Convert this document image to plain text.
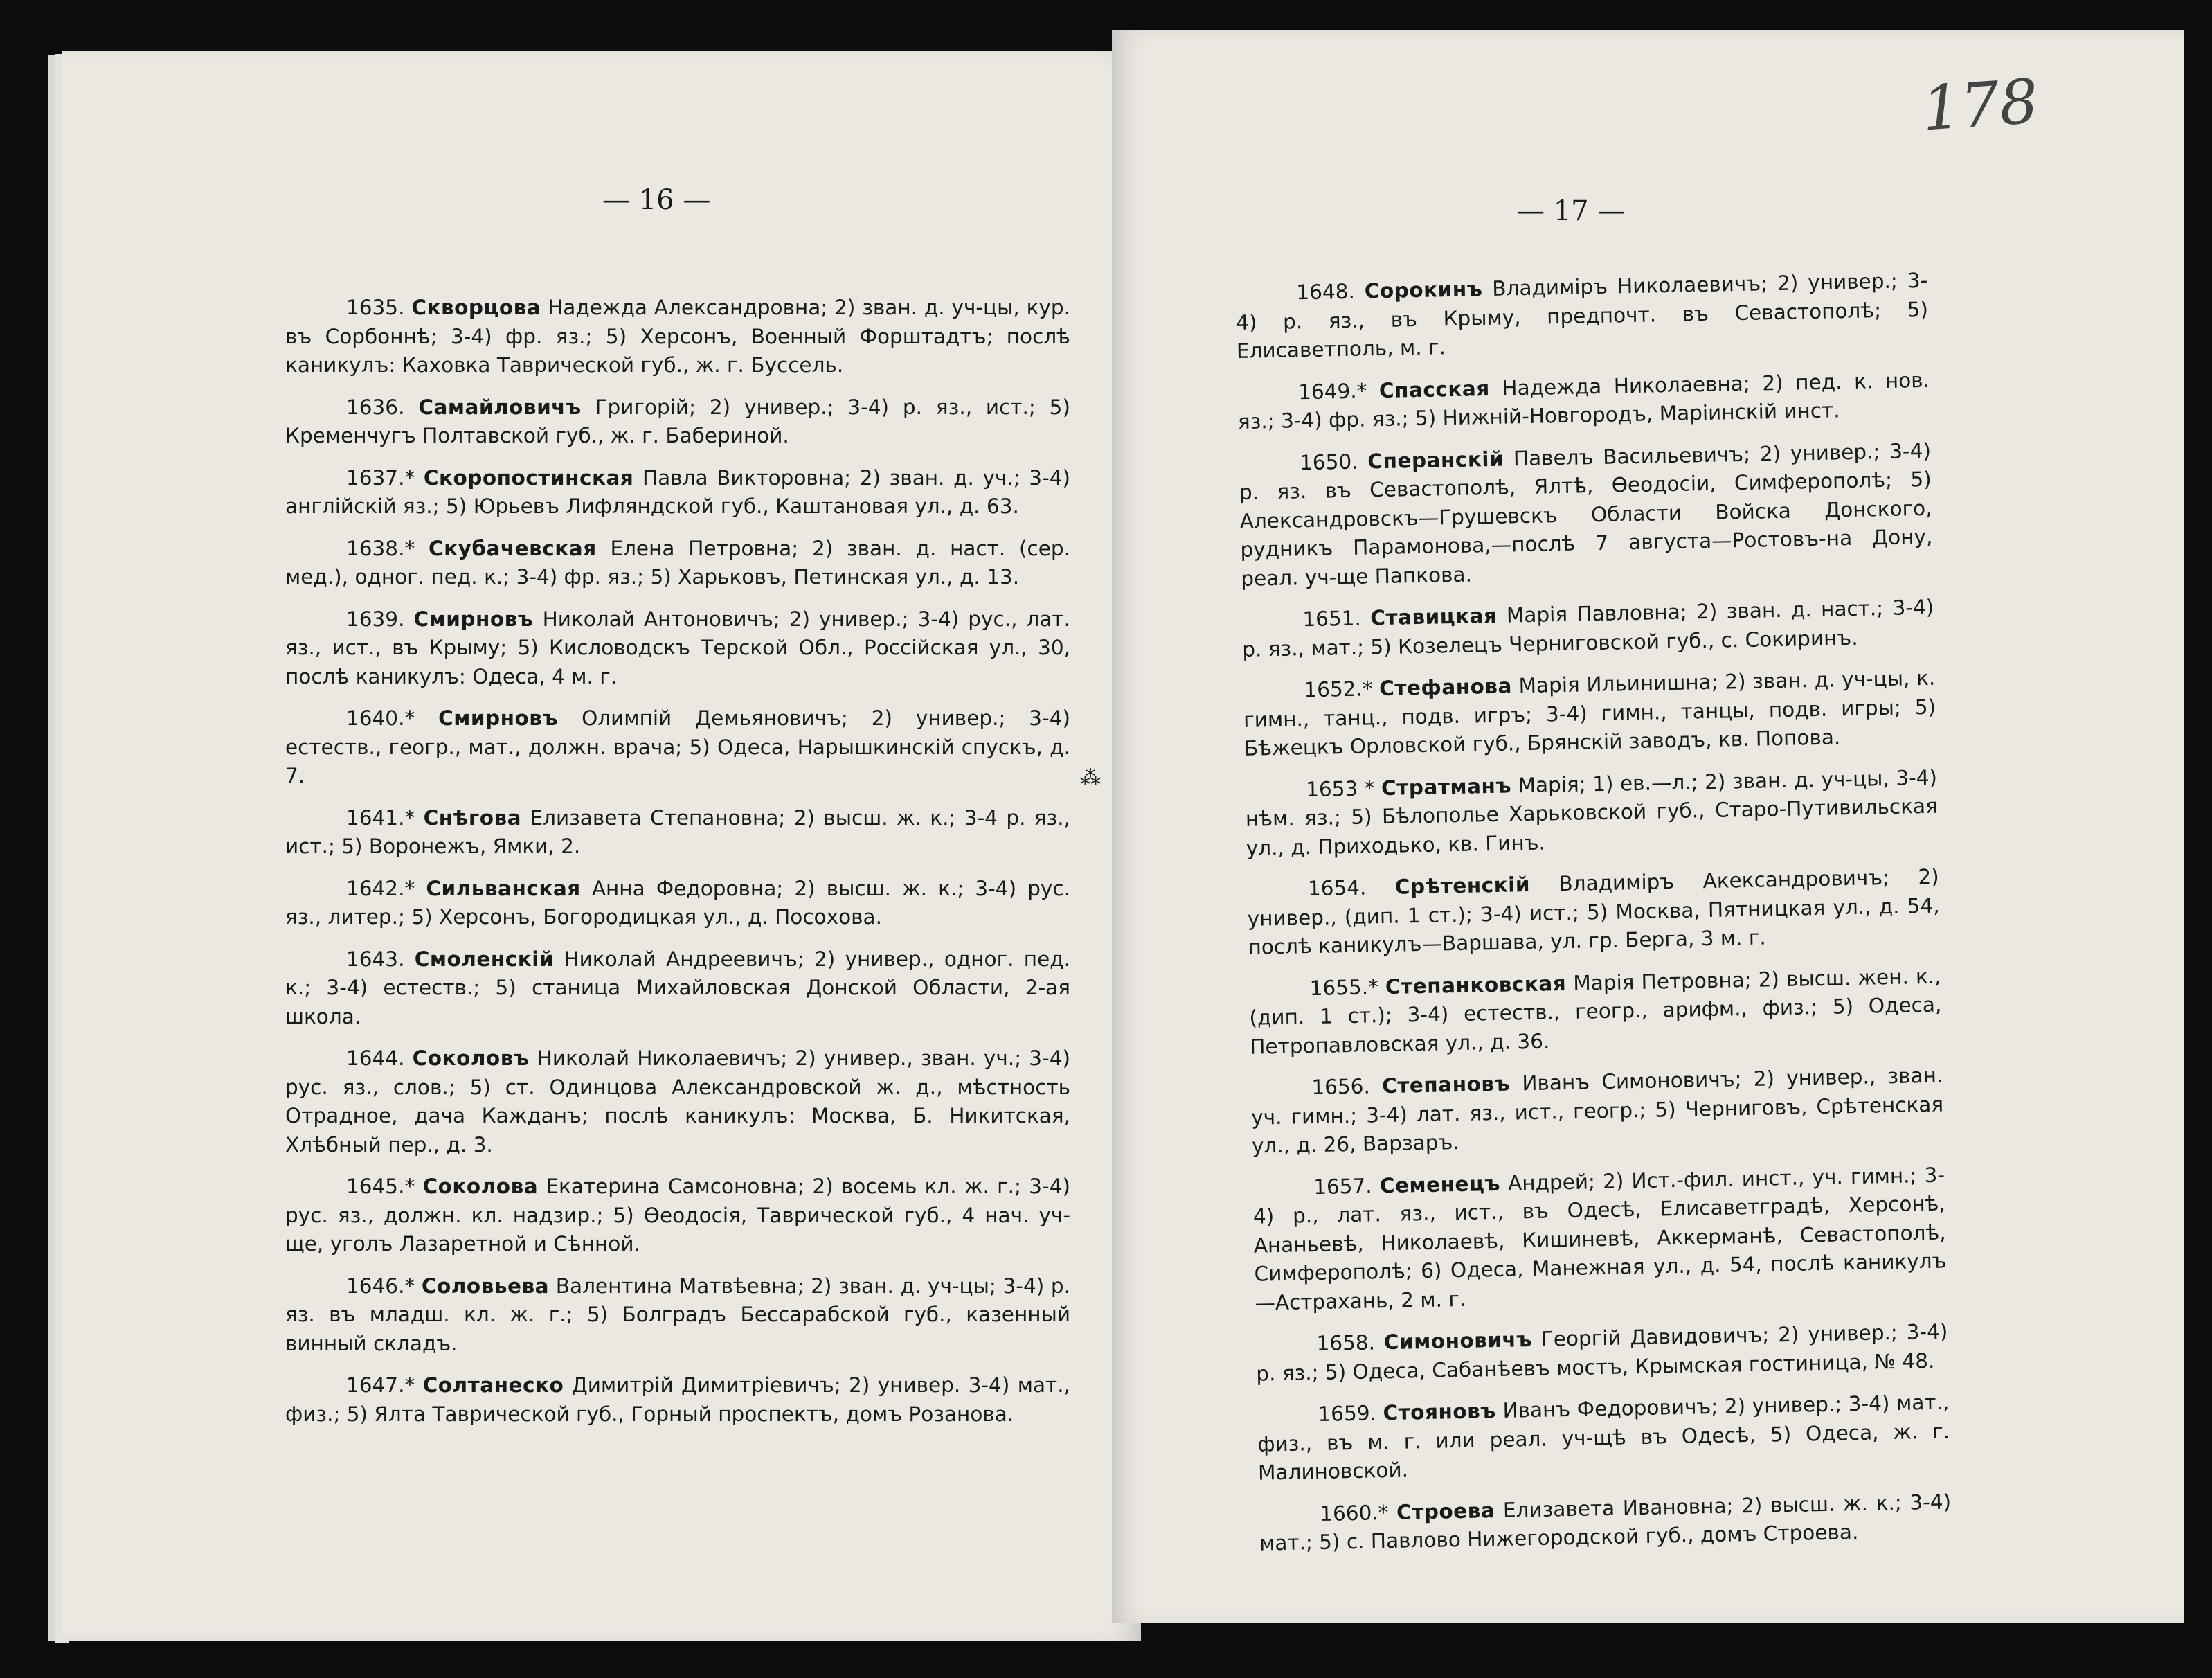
— 16 —
1635. Скворцова Надежда Александровна; 2) зван. д. уч-цы, кур. въ Сорбоннѣ; 3-4) фр. яз.; 5) Херсонъ, Военный Форштадтъ; послѣ каникулъ: Каховка Таврической губ., ж. г. Буссель.
1636. Самайловичъ Григорій; 2) универ.; 3-4) р. яз., ист.; 5) Кременчугъ Полтавской губ., ж. г. Бабериной.
1637.* Скоропостинская Павла Викторовна; 2) зван. д. уч.; 3-4) англійскій яз.; 5) Юрьевъ Лифляндской губ., Каштановая ул., д. 63.
1638.* Скубачевская Елена Петровна; 2) зван. д. наст. (сер. мед.), одног. пед. к.; 3-4) фр. яз.; 5) Харьковъ, Петинская ул., д. 13.
1639. Смирновъ Николай Антоновичъ; 2) универ.; 3-4) рус., лат. яз., ист., въ Крыму; 5) Кисловодскъ Терской Обл., Россійская ул., 30, послѣ каникулъ: Одеса, 4 м. г.
1640.* Смирновъ Олимпій Демьяновичъ; 2) универ.; 3-4) естеств., геогр., мат., должн. врача; 5) Одеса, Нарышкинскій спускъ, д. 7.
1641.* Снѣгова Елизавета Степановна; 2) высш. ж. к.; 3-4 р. яз., ист.; 5) Воронежъ, Ямки, 2.
1642.* Сильванская Анна Федоровна; 2) высш. ж. к.; 3-4) рус. яз., литер.; 5) Херсонъ, Богородицкая ул., д. Посохова.
1643. Смоленскій Николай Андреевичъ; 2) универ., одног. пед. к.; 3-4) естеств.; 5) станица Михайловская Донской Области, 2-ая школа.
1644. Соколовъ Николай Николаевичъ; 2) универ., зван. уч.; 3-4) рус. яз., слов.; 5) ст. Одинцова Александровской ж. д., мѣстность Отрадное, дача Кажданъ; послѣ каникулъ: Москва, Б. Никитская, Хлѣбный пер., д. 3.
1645.* Соколова Екатерина Самсоновна; 2) восемь кл. ж. г.; 3-4) рус. яз., должн. кл. надзир.; 5) Ѳеодосія, Таврической губ., 4 нач. уч-ще, уголъ Лазаретной и Сѣнной.
1646.* Соловьева Валентина Матвѣевна; 2) зван. д. уч-цы; 3-4) р. яз. въ младш. кл. ж. г.; 5) Болградъ Бессарабской губ., казенный винный складъ.
1647.* Солтанеско Димитрій Димитріевичъ; 2) универ. 3-4) мат., физ.; 5) Ялта Таврической губ., Горный проспектъ, домъ Розанова.
178
— 17 —
1648. Сорокинъ Владиміръ Николаевичъ; 2) универ.; 3-4) р. яз., въ Крыму, предпочт. въ Севастополѣ; 5) Елисаветполь, м. г.
1649.* Спасская Надежда Николаевна; 2) пед. к. нов. яз.; 3-4) фр. яз.; 5) Нижній-Новгородъ, Маріинскій инст.
1650. Сперанскій Павелъ Васильевичъ; 2) универ.; 3-4) р. яз. въ Севастополѣ, Ялтѣ, Ѳеодосіи, Симферополѣ; 5) Александровскъ—Грушевскъ Области Войска Донского, рудникъ Парамонова,—послѣ 7 августа—Ростовъ-на Дону, реал. уч-ще Папкова.
1651. Ставицкая Марія Павловна; 2) зван. д. наст.; 3-4) р. яз., мат.; 5) Козелецъ Черниговской губ., с. Сокиринъ.
1652.* Стефанова Марія Ильинишна; 2) зван. д. уч-цы, к. гимн., танц., подв. игръ; 3-4) гимн., танцы, подв. игры; 5) Бѣжецкъ Орловской губ., Брянскій заводъ, кв. Попова.
1653 * Стратманъ Марія; 1) ев.—л.; 2) зван. д. уч-цы, 3-4) нѣм. яз.; 5) Бѣлополье Харьковской губ., Старо-Путивильская ул., д. Приходько, кв. Гинъ.
1654. Срѣтенскій Владиміръ Акександровичъ; 2) универ., (дип. 1 ст.); 3-4) ист.; 5) Москва, Пятницкая ул., д. 54, послѣ каникулъ—Варшава, ул. гр. Берга, 3 м. г.
1655.* Степанковская Марія Петровна; 2) высш. жен. к., (дип. 1 ст.); 3-4) естеств., геогр., арифм., физ.; 5) Одеса, Петропавловская ул., д. 36.
1656. Степановъ Иванъ Симоновичъ; 2) универ., зван. уч. гимн.; 3-4) лат. яз., ист., геогр.; 5) Черниговъ, Срѣтенская ул., д. 26, Варзаръ.
1657. Семенецъ Андрей; 2) Ист.-фил. инст., уч. гимн.; 3-4) р., лат. яз., ист., въ Одесѣ, Елисаветградѣ, Херсонѣ, Ананьевѣ, Николаевѣ, Кишиневѣ, Аккерманѣ, Севастополѣ, Симферополѣ; 6) Одеса, Манежная ул., д. 54, послѣ каникулъ—Астрахань, 2 м. г.
1658. Симоновичъ Георгій Давидовичъ; 2) универ.; 3-4) р. яз.; 5) Одеса, Сабанѣевъ мостъ, Крымская гостиница, № 48.
1659. Стояновъ Иванъ Федоровичъ; 2) универ.; 3-4) мат., физ., въ м. г. или реал. уч-щѣ въ Одесѣ, 5) Одеса, ж. г. Малиновской.
1660.* Строева Елизавета Ивановна; 2) высш. ж. к.; 3-4) мат.; 5) с. Павлово Нижегородской губ., домъ Строева.
⁂
